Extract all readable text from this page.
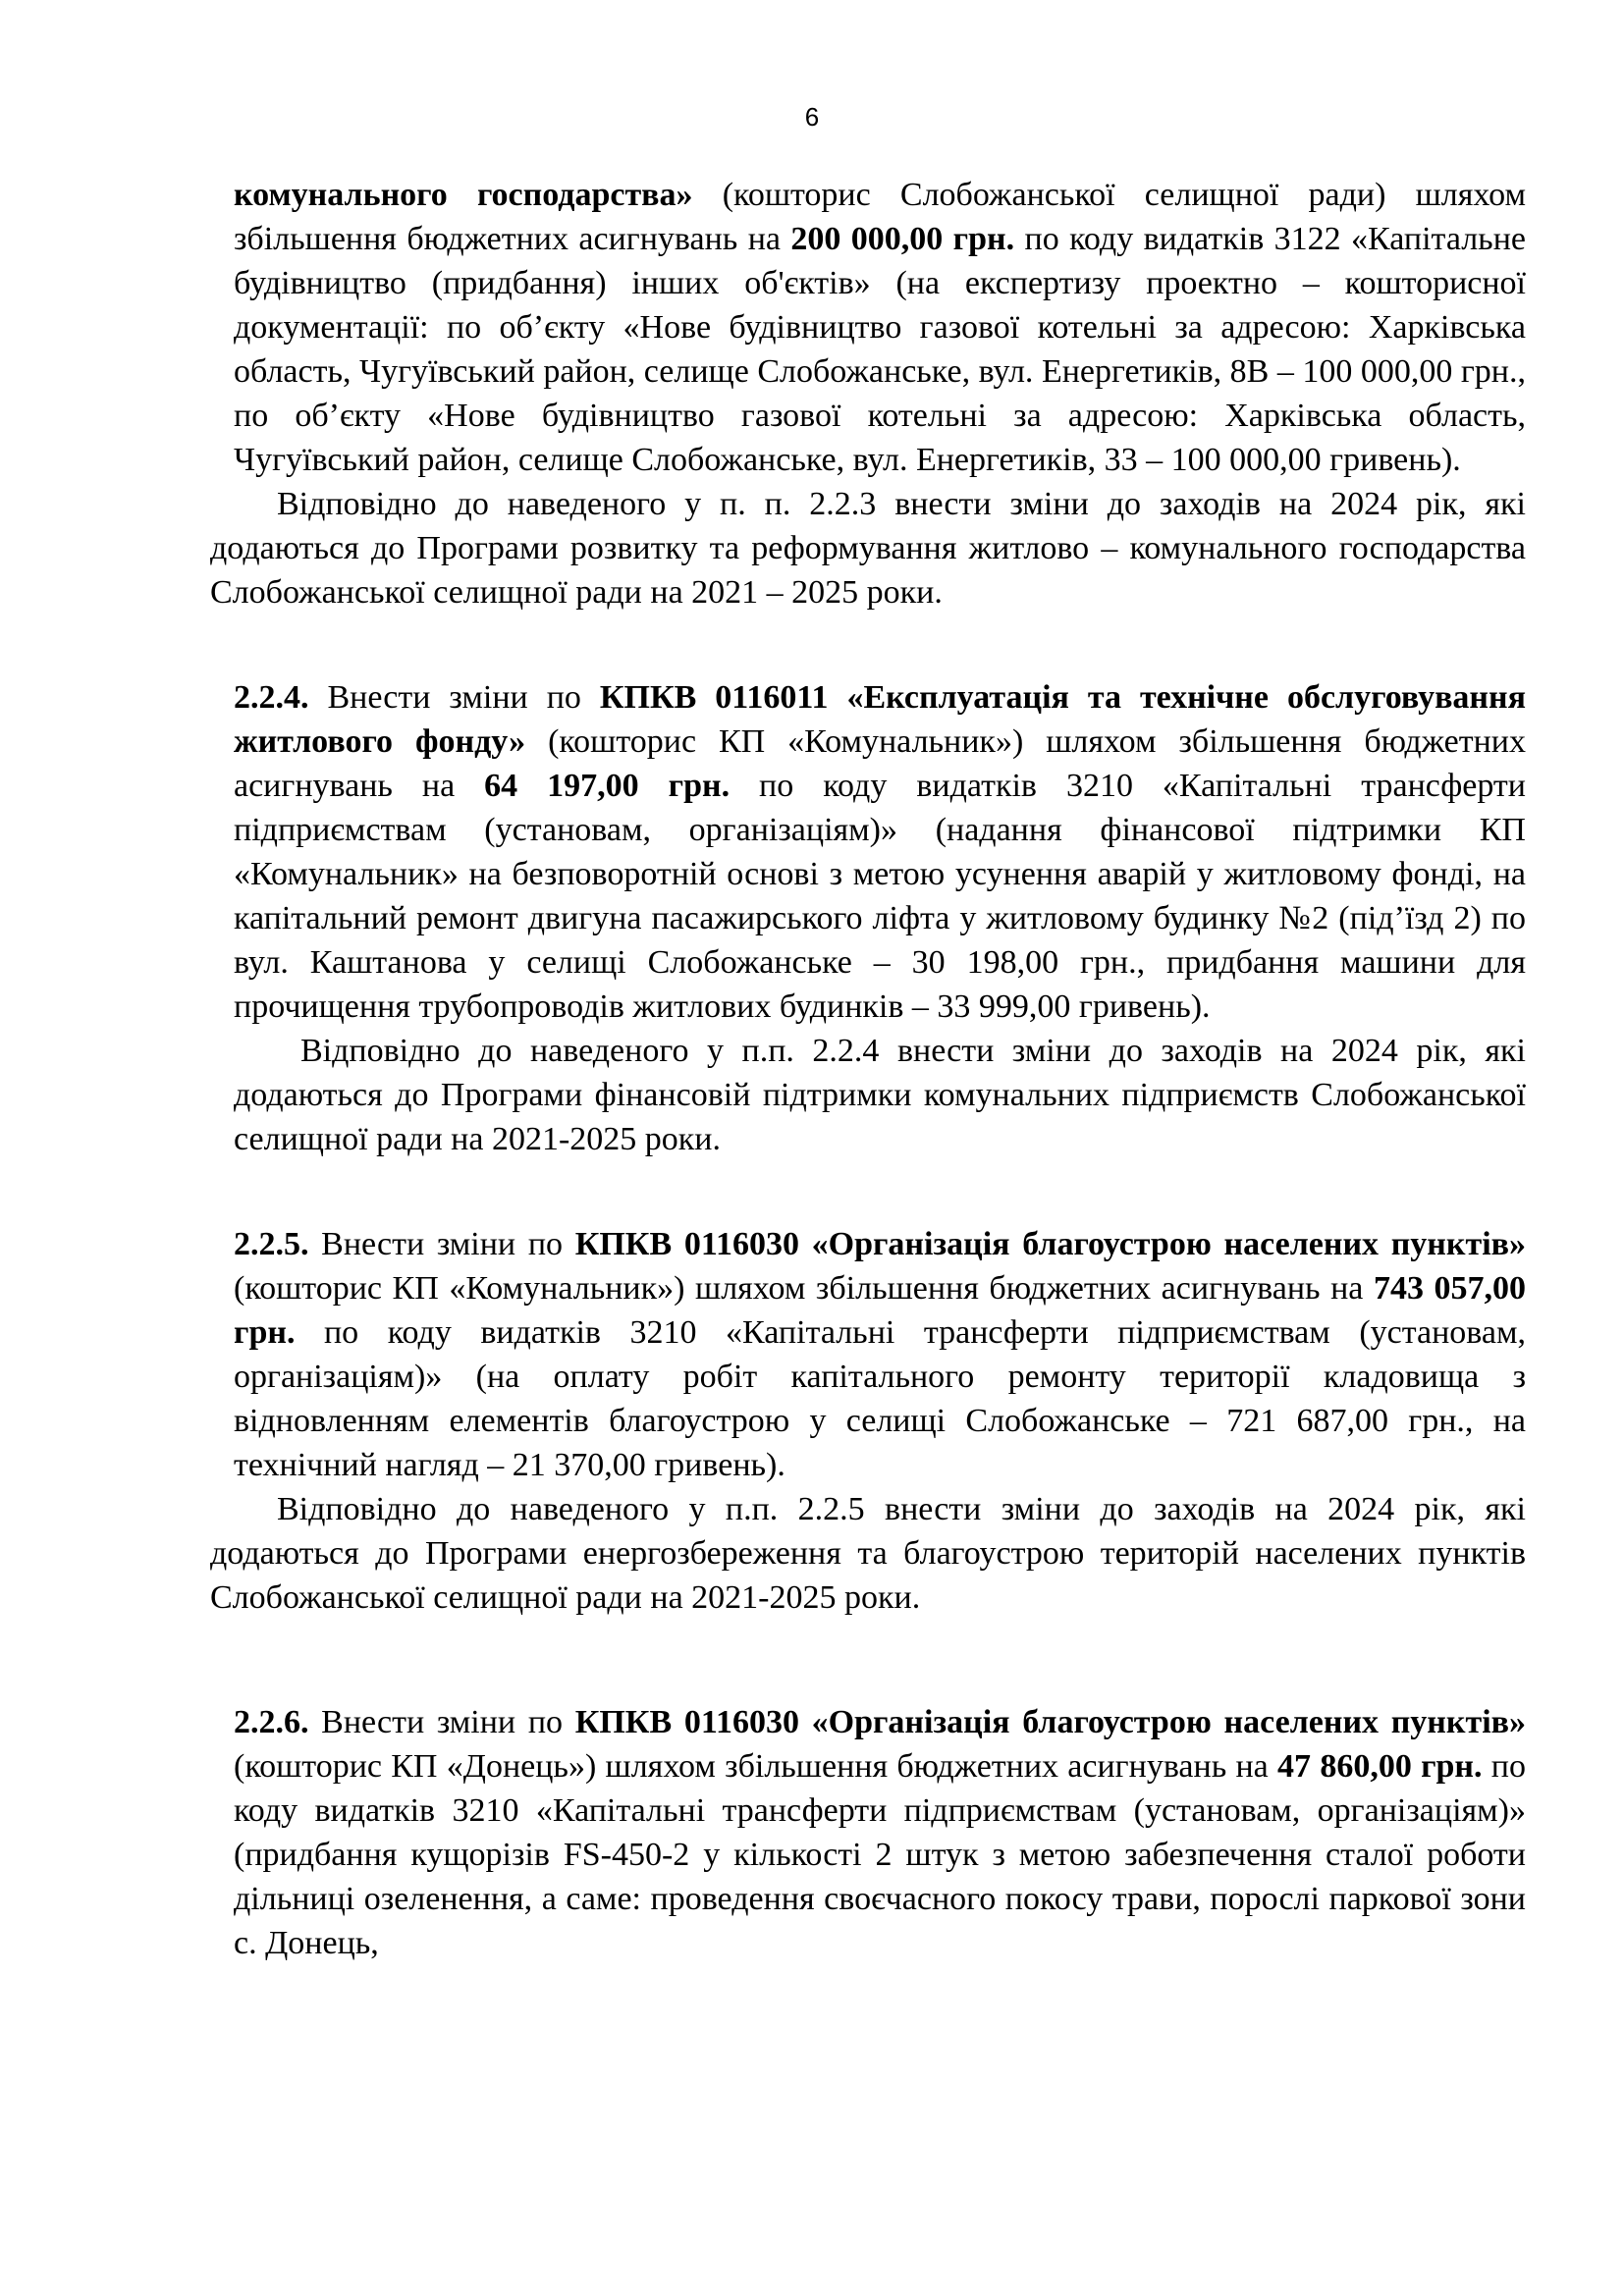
6

комунального господарства» (кошторис Слобожанської селищної ради) шляхом збільшення бюджетних асигнувань на 200 000,00 грн. по коду видатків 3122 «Капітальне будівництво (придбання) інших об'єктів» (на експертизу проектно – кошторисної документації: по об’єкту «Нове будівництво газової котельні за адресою: Харківська область, Чугуївський район, селище Слобожанське, вул. Енергетиків, 8В – 100 000,00 грн., по об’єкту «Нове будівництво газової котельні за адресою: Харківська область, Чугуївський район, селище Слобожанське, вул. Енергетиків, 33 – 100 000,00 гривень).

Відповідно до наведеного у п. п. 2.2.3 внести зміни до заходів на 2024 рік, які додаються до Програми розвитку та реформування житлово – комунального господарства Слобожанської селищної ради на 2021 – 2025 роки.

2.2.4. Внести зміни по КПКВ 0116011 «Експлуатація та технічне обслуговування житлового фонду» (кошторис КП «Комунальник») шляхом збільшення бюджетних асигнувань на 64 197,00 грн. по коду видатків 3210 «Капітальні трансферти підприємствам (установам, організаціям)» (надання фінансової підтримки КП «Комунальник» на безповоротній основі з метою усунення аварій у житловому фонді, на капітальний ремонт двигуна пасажирського ліфта у житловому будинку №2 (під’їзд 2) по вул. Каштанова у селищі Слобожанське – 30 198,00 грн., придбання машини для прочищення трубопроводів житлових будинків – 33 999,00 гривень).

Відповідно до наведеного у п.п. 2.2.4 внести зміни до заходів на 2024 рік, які додаються до Програми фінансовій підтримки комунальних підприємств Слобожанської селищної ради на 2021-2025 роки.

2.2.5. Внести зміни по КПКВ 0116030 «Організація благоустрою населених пунктів» (кошторис КП «Комунальник») шляхом збільшення бюджетних асигнувань на 743 057,00 грн. по коду видатків 3210 «Капітальні трансферти підприємствам (установам, організаціям)» (на оплату робіт капітального ремонту території кладовища з відновленням елементів благоустрою у селищі Слобожанське – 721 687,00 грн., на технічний нагляд – 21 370,00 гривень).

Відповідно до наведеного у п.п. 2.2.5 внести зміни до заходів на 2024 рік, які додаються до Програми енергозбереження та благоустрою територій населених пунктів Слобожанської селищної ради на 2021-2025 роки.

2.2.6. Внести зміни по КПКВ 0116030 «Організація благоустрою населених пунктів» (кошторис КП «Донець») шляхом збільшення бюджетних асигнувань на 47 860,00 грн. по коду видатків 3210 «Капітальні трансферти підприємствам (установам, організаціям)» (придбання кущорізів FS-450-2 у кількості 2 штук з метою забезпечення сталої роботи дільниці озеленення, а саме: проведення своєчасного покосу трави, порослі паркової зони с. Донець,
